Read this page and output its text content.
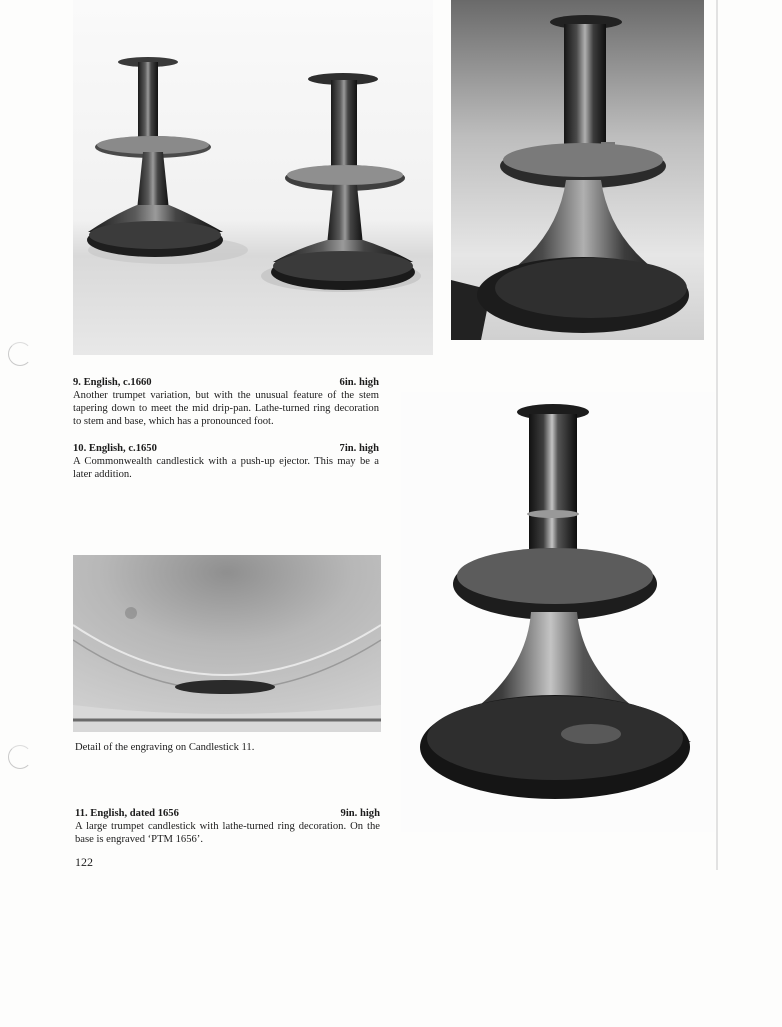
9. English, c.1660	6in. high

Another trumpet variation, but with the unusual feature of the stem tapering down to meet the mid drip-pan. Lathe-turned ring decoration to stem and base, which has a pronounced foot.

10. English, c.1650	7in. high

A Commonwealth candlestick with a push-up ejector. This may be a later addition.

Detail of the engraving on Candlestick 11.
11. English, dated 1656	9in. high

A large trumpet candlestick with lathe-turned ring decoration. On the base is engraved ‘PTM 1656’.

122
